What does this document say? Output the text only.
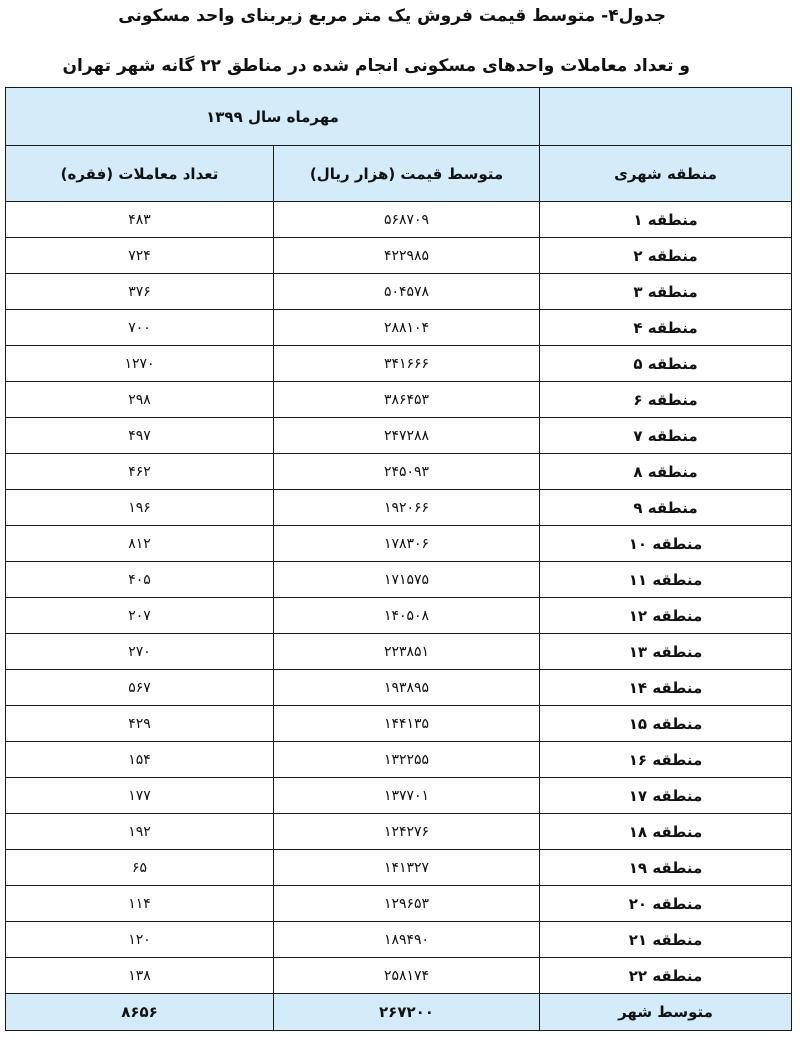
جدول۴- متوسط قیمت فروش یک متر مربع زیربنای واحد مسکونی
و تعداد معاملات واحدهای مسکونی انجام شده در مناطق ۲۲ گانه شهر تهران
مهرماه سال ۱۳۹۹		
تعداد معاملات (فقره)	متوسط قیمت (هزار ریال)	منطقه شهری
۴۸۳	۵۶۸۷۰۹	منطقه ۱
۷۲۴	۴۲۲۹۸۵	منطقه ۲
۳۷۶	۵۰۴۵۷۸	منطقه ۳
۷۰۰	۲۸۸۱۰۴	منطقه ۴
۱۲۷۰	۳۴۱۶۶۶	منطقه ۵
۲۹۸	۳۸۶۴۵۳	منطقه ۶
۴۹۷	۲۴۷۲۸۸	منطقه ۷
۴۶۲	۲۴۵۰۹۳	منطقه ۸
۱۹۶	۱۹۲۰۶۶	منطقه ۹
۸۱۲	۱۷۸۳۰۶	منطقه ۱۰
۴۰۵	۱۷۱۵۷۵	منطقه ۱۱
۲۰۷	۱۴۰۵۰۸	منطقه ۱۲
۲۷۰	۲۲۳۸۵۱	منطقه ۱۳
۵۶۷	۱۹۳۸۹۵	منطقه ۱۴
۴۲۹	۱۴۴۱۳۵	منطقه ۱۵
۱۵۴	۱۳۲۲۵۵	منطقه ۱۶
۱۷۷	۱۳۷۷۰۱	منطقه ۱۷
۱۹۲	۱۲۴۲۷۶	منطقه ۱۸
۶۵	۱۴۱۳۲۷	منطقه ۱۹
۱۱۴	۱۲۹۶۵۳	منطقه ۲۰
۱۲۰	۱۸۹۴۹۰	منطقه ۲۱
۱۳۸	۲۵۸۱۷۴	منطقه ۲۲
۸۶۵۶	۲۶۷۲۰۰	متوسط شهر
